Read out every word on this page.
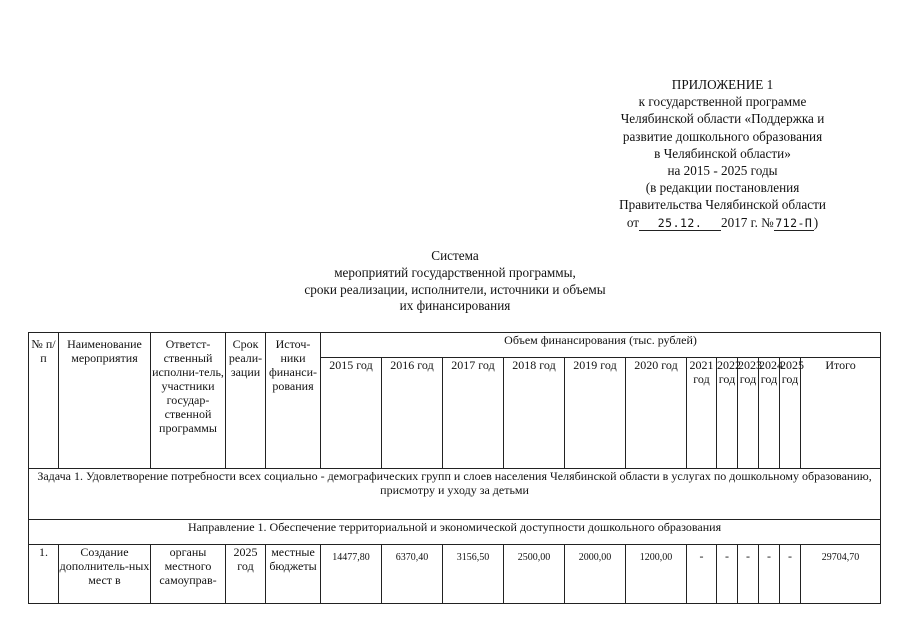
ПРИЛОЖЕНИЕ 1
к государственной программе
Челябинской области «Поддержка и
развитие дошкольного образования
в Челябинской области»
на 2015 - 2025 годы
(в редакции постановления
Правительства Челябинской области
от 25.12. 2017 г. №712-П)
Система
мероприятий государственной программы,
сроки реализации, исполнители, источники и объемы
их финансирования
№ п/п	Наименование мероприятия	Ответст-ственный исполни-тель, участники государ-ственной программы	Срок реали-зации	Источ-ники финанси-рования	Объем финансирования (тыс. рублей)											
					2015 год	2016 год	2017 год	2018 год	2019 год	2020 год	2021 год	2022 год	2023 год	2024 год	2025 год	Итого
Задача 1. Удовлетворение потребности всех социально - демографических групп и слоев населения Челябинской области в услугах по дошкольному образованию, присмотру и уходу за детьми																
Направление 1. Обеспечение территориальной и экономической доступности дошкольного образования																
1.	Создание дополнитель-ных мест в	органы местного самоуправ-	2025 год	местные бюджеты	14477,80	6370,40	3156,50	2500,00	2000,00	1200,00	-	-	-	-	-	29704,70
